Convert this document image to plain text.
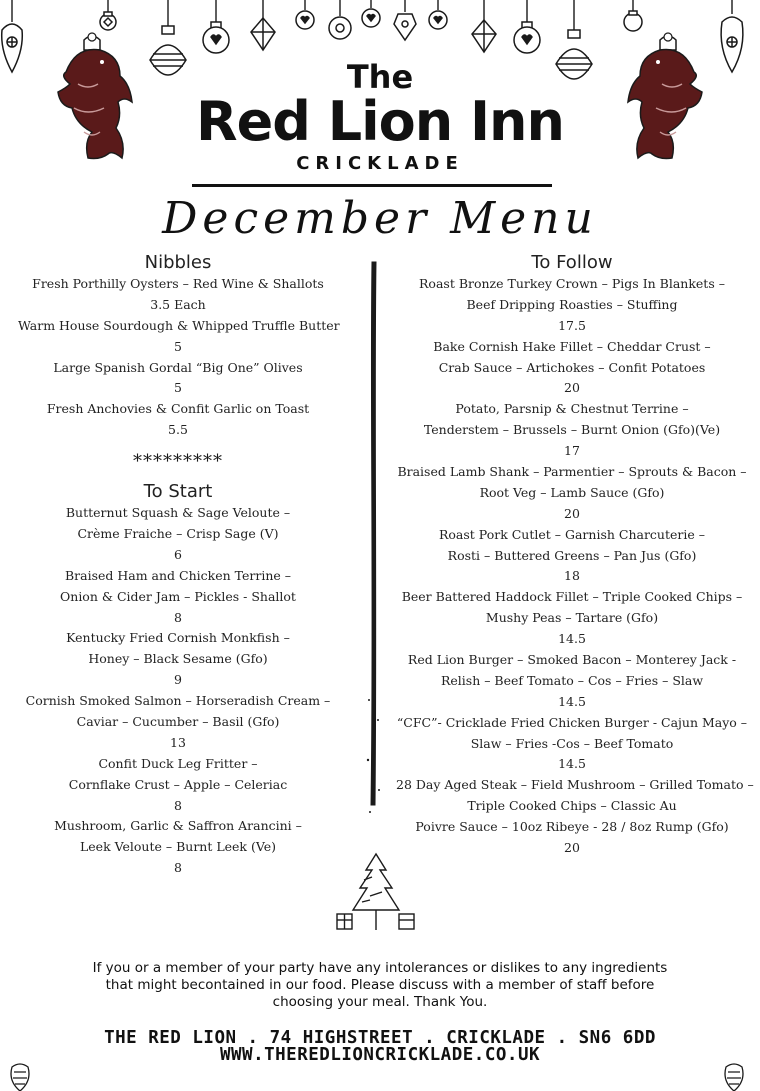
The
Red Lion Inn
CRICKLADE
December Menu
Nibbles
Fresh Porthilly Oysters – Red Wine & Shallots
3.5 Each
Warm House Sourdough & Whipped Truffle Butter
5
Large Spanish Gordal “Big One” Olives
5
Fresh Anchovies & Confit Garlic on Toast
5.5
*********
To Start
Butternut Squash & Sage Veloute –
Crème Fraiche – Crisp Sage (V)
6
Braised Ham and Chicken Terrine –
Onion & Cider Jam – Pickles - Shallot
8
Kentucky Fried Cornish Monkfish –
Honey – Black Sesame (Gfo)
9
Cornish Smoked Salmon – Horseradish Cream –
Caviar – Cucumber – Basil (Gfo)
13
Confit Duck Leg Fritter –
Cornflake Crust – Apple – Celeriac
8
Mushroom, Garlic & Saffron Arancini –
Leek Veloute – Burnt Leek (Ve)
8
To Follow
Roast Bronze Turkey Crown – Pigs In Blankets –
Beef Dripping Roasties – Stuffing
17.5
Bake Cornish Hake Fillet – Cheddar Crust –
Crab Sauce – Artichokes – Confit Potatoes
20
Potato, Parsnip & Chestnut Terrine –
Tenderstem – Brussels – Burnt Onion (Gfo)(Ve)
17
Braised Lamb Shank – Parmentier – Sprouts & Bacon –
Root Veg – Lamb Sauce (Gfo)
20
Roast Pork Cutlet – Garnish Charcuterie –
Rosti – Buttered Greens – Pan Jus (Gfo)
18
Beer Battered Haddock Fillet – Triple Cooked Chips –
Mushy Peas – Tartare (Gfo)
14.5
Red Lion Burger – Smoked Bacon – Monterey Jack -
Relish – Beef Tomato – Cos – Fries – Slaw
14.5
“CFC”- Cricklade Fried Chicken Burger - Cajun Mayo –
Slaw – Fries -Cos – Beef Tomato
14.5
28 Day Aged Steak – Field Mushroom – Grilled Tomato –
Triple Cooked Chips – Classic Au
Poivre Sauce – 10oz Ribeye - 28 / 8oz Rump (Gfo)
20
If you or a member of your party have any intolerances or dislikes to any ingredients
that might becontained in our food. Please discuss with a member of staff before
choosing your meal. Thank You.
THE RED LION . 74 HIGHSTREET . CRICKLADE . SN6 6DD
WWW.THEREDLIONCRICKLADE.CO.UK
